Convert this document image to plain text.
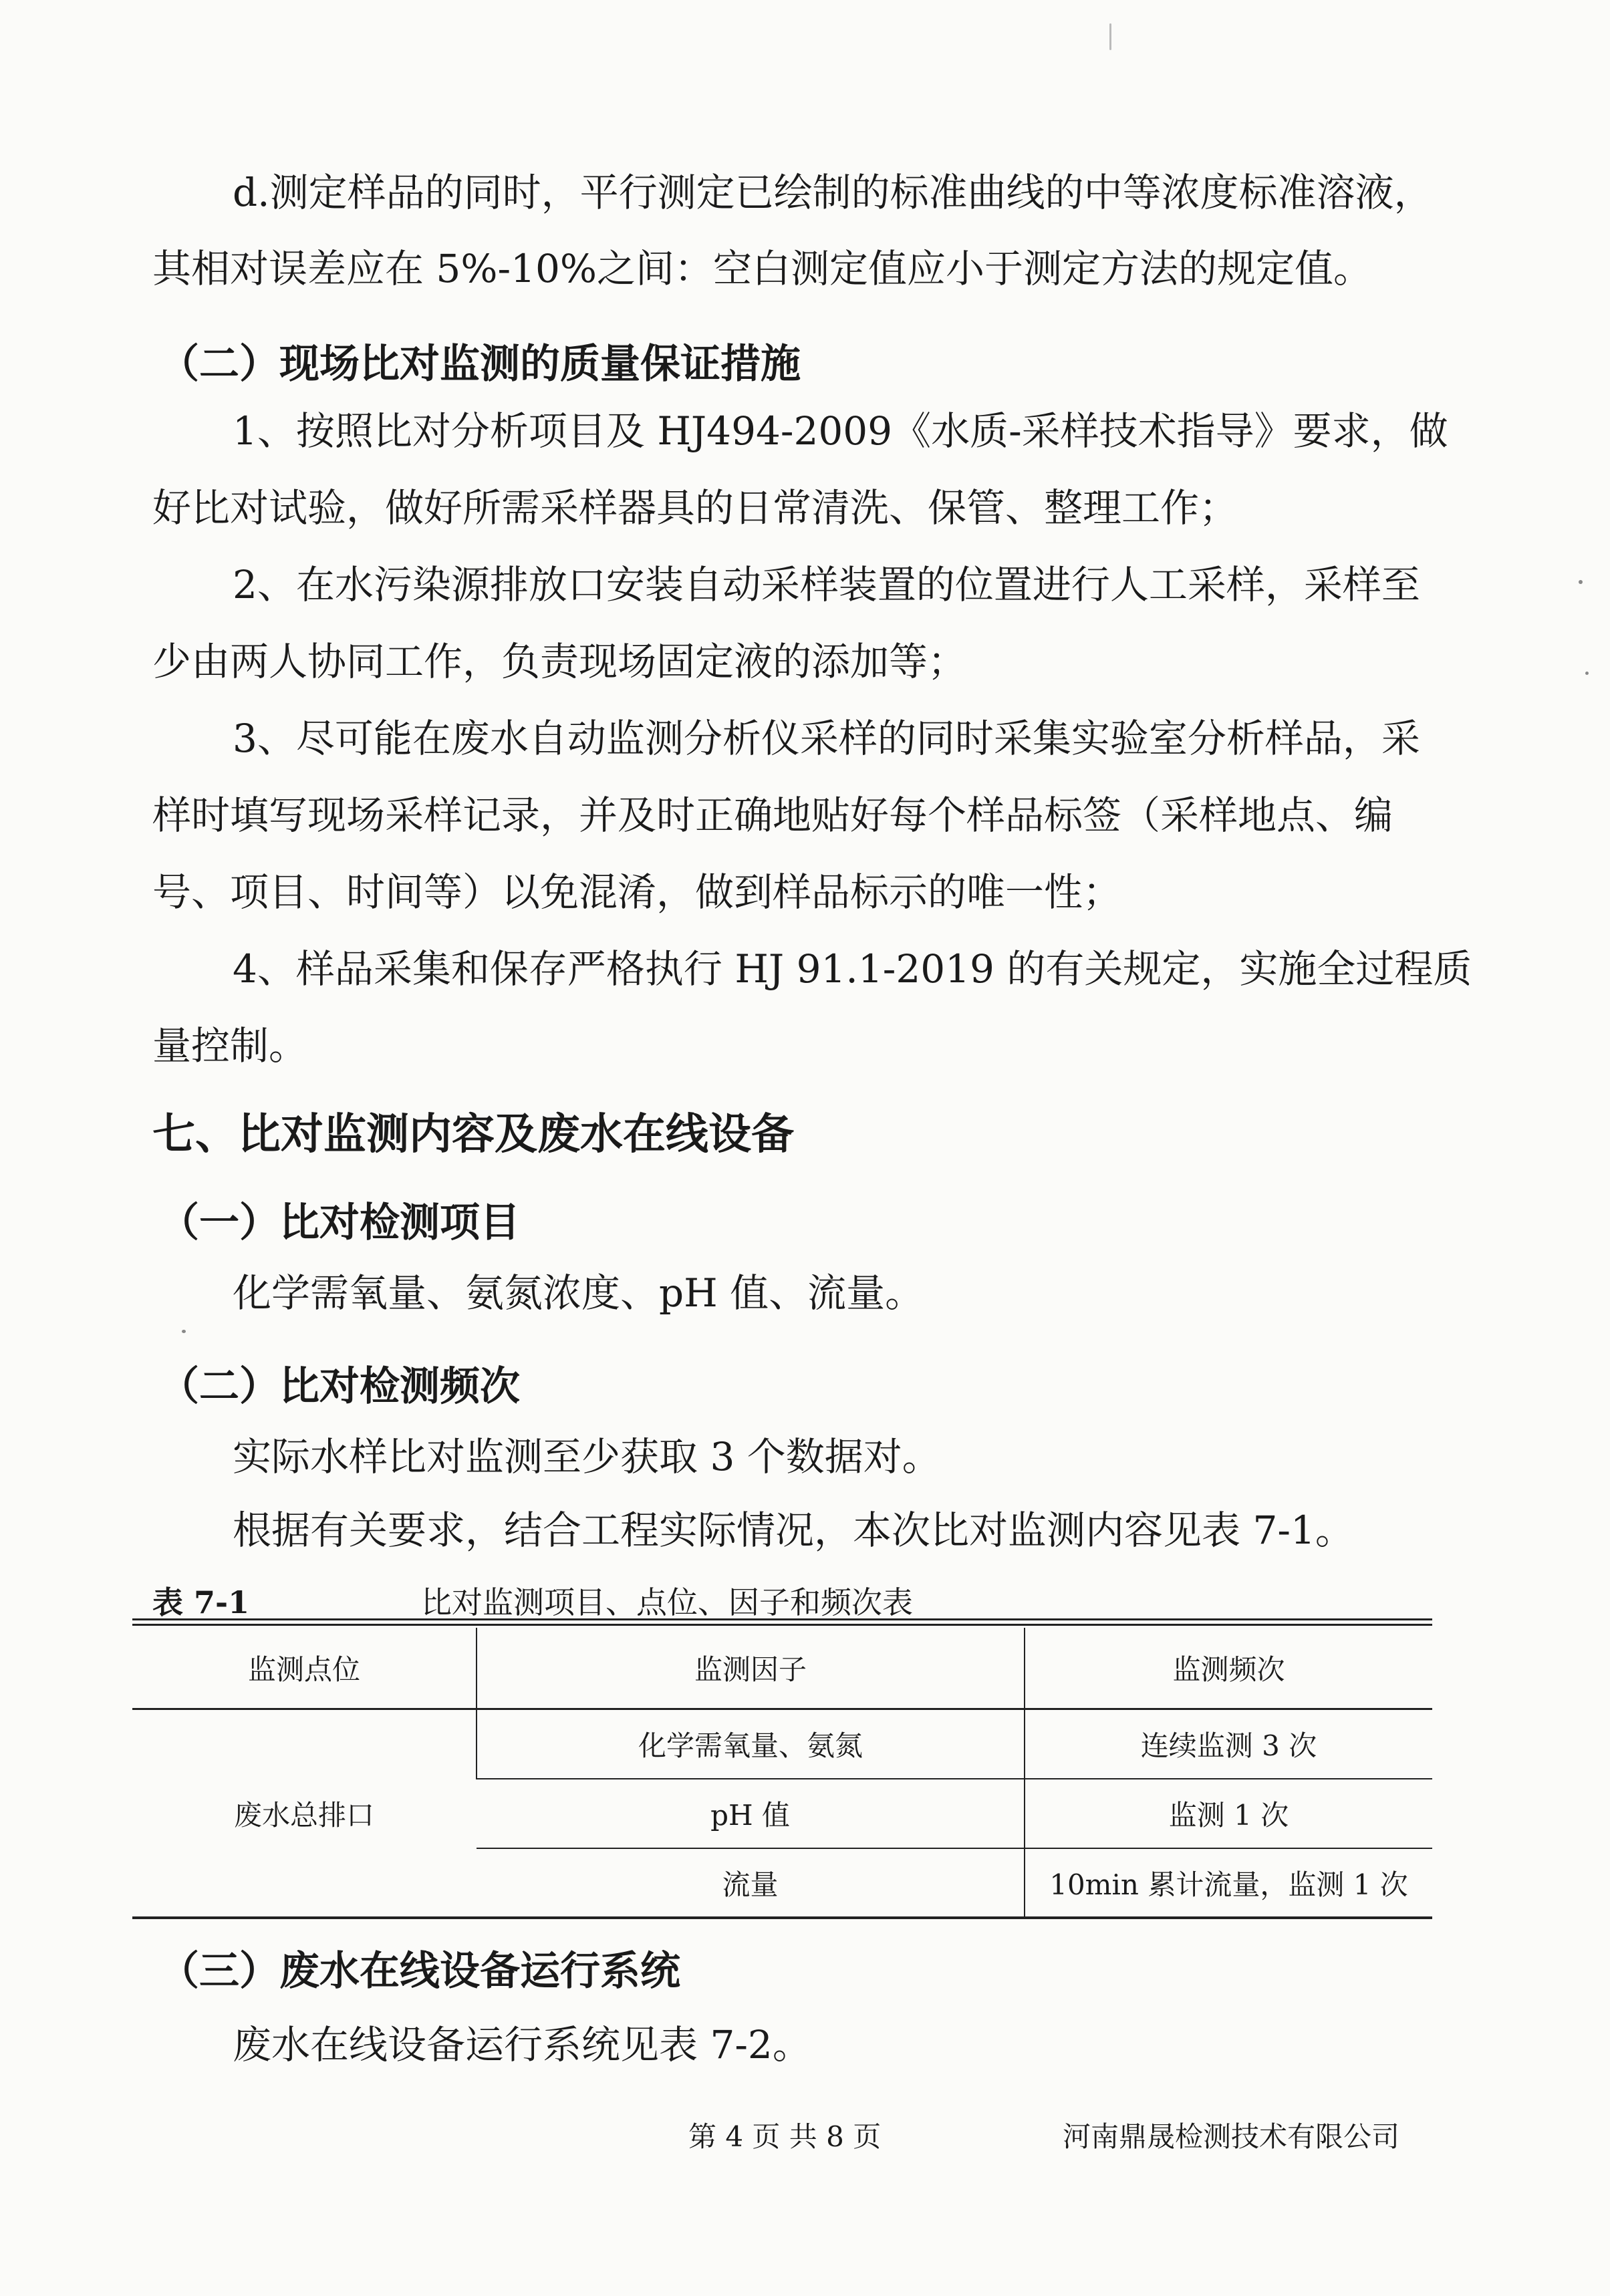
d.测定样品的同时，平行测定已绘制的标准曲线的中等浓度标准溶液，
其相对误差应在 5%-10%之间：空白测定值应小于测定方法的规定值。
（二）现场比对监测的质量保证措施
1、按照比对分析项目及 HJ494-2009《水质-采样技术指导》要求，做
好比对试验，做好所需采样器具的日常清洗、保管、整理工作；
2、在水污染源排放口安装自动采样装置的位置进行人工采样，采样至
少由两人协同工作，负责现场固定液的添加等；
3、尽可能在废水自动监测分析仪采样的同时采集实验室分析样品，采
样时填写现场采样记录，并及时正确地贴好每个样品标签（采样地点、编
号、项目、时间等）以免混淆，做到样品标示的唯一性；
4、样品采集和保存严格执行 HJ 91.1-2019 的有关规定，实施全过程质
量控制。
七、比对监测内容及废水在线设备
（一）比对检测项目
化学需氧量、氨氮浓度、pH 值、流量。
（二）比对检测频次
实际水样比对监测至少获取 3 个数据对。
根据有关要求，结合工程实际情况，本次比对监测内容见表 7-1。
表 7-1	比对监测项目、点位、因子和频次表
监测点位	监测因子	监测频次
废水总排口	化学需氧量、氨氮	连续监测 3 次
	pH 值	监测 1 次
	流量	10min 累计流量，监测 1 次
（三）废水在线设备运行系统
废水在线设备运行系统见表 7-2。
第 4 页 共 8 页	河南鼎晟检测技术有限公司
